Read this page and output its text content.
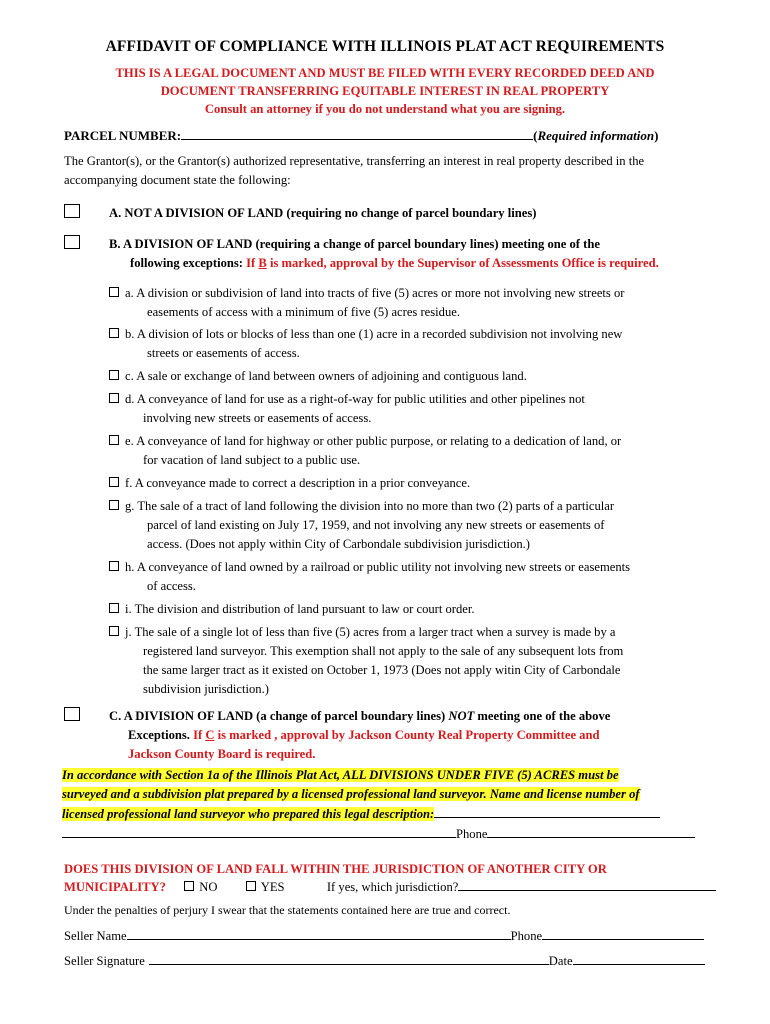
AFFIDAVIT OF COMPLIANCE WITH ILLINOIS PLAT ACT REQUIREMENTS
THIS IS A LEGAL DOCUMENT AND MUST BE FILED WITH EVERY RECORDED DEED AND
DOCUMENT TRANSFERRING EQUITABLE INTEREST IN REAL PROPERTY
Consult an attorney if you do not understand what you are signing.
PARCEL NUMBER:	(Required information)
The Grantor(s), or the Grantor(s) authorized representative, transferring an interest in real property described in the
accompanying document state the following:
A. NOT A DIVISION OF LAND (requiring no change of parcel boundary lines)
B. A DIVISION OF LAND (requiring a change of parcel boundary lines) meeting one of the
following exceptions: If B is marked, approval by the Supervisor of Assessments Office is required.
a. A division or subdivision of land into tracts of five (5) acres or more not involving new streets or
easements of access with a minimum of five (5) acres residue.
b. A division of lots or blocks of less than one (1) acre in a recorded subdivision not involving new
streets or easements of access.
c. A sale or exchange of land between owners of adjoining and contiguous land.
d. A conveyance of land for use as a right-of-way for public utilities and other pipelines not
involving new streets or easements of access.
e. A conveyance of land for highway or other public purpose, or relating to a dedication of land, or
for vacation of land subject to a public use.
f. A conveyance made to correct a description in a prior conveyance.
g. The sale of a tract of land following the division into no more than two (2) parts of a particular
parcel of land existing on July 17, 1959, and not involving any new streets or easements of
access. (Does not apply within City of Carbondale subdivision jurisdiction.)
h. A conveyance of land owned by a railroad or public utility not involving new streets or easements
of access.
i. The division and distribution of land pursuant to law or court order.
j. The sale of a single lot of less than five (5) acres from a larger tract when a survey is made by a
registered land surveyor. This exemption shall not apply to the sale of any subsequent lots from
the same larger tract as it existed on October 1, 1973 (Does not apply witin City of Carbondale
subdivision jurisdiction.)
C. A DIVISION OF LAND (a change of parcel boundary lines) NOT meeting one of the above
Exceptions. If C is marked , approval by Jackson County Real Property Committee and
Jackson County Board is required.
In accordance with Section 1a of the Illinois Plat Act, ALL DIVISIONS UNDER FIVE (5) ACRES must be
surveyed and a subdivision plat prepared by a licensed professional land surveyor. Name and license number of
licensed professional land surveyor who prepared this legal description:
Phone
DOES THIS DIVISION OF LAND FALL WITHIN THE JURISDICTION OF ANOTHER CITY OR
MUNICIPALITY?	NO	YES	If yes, which jurisdiction?
Under the penalties of perjury I swear that the statements contained here are true and correct.
Seller Name	Phone
Seller Signature	Date
